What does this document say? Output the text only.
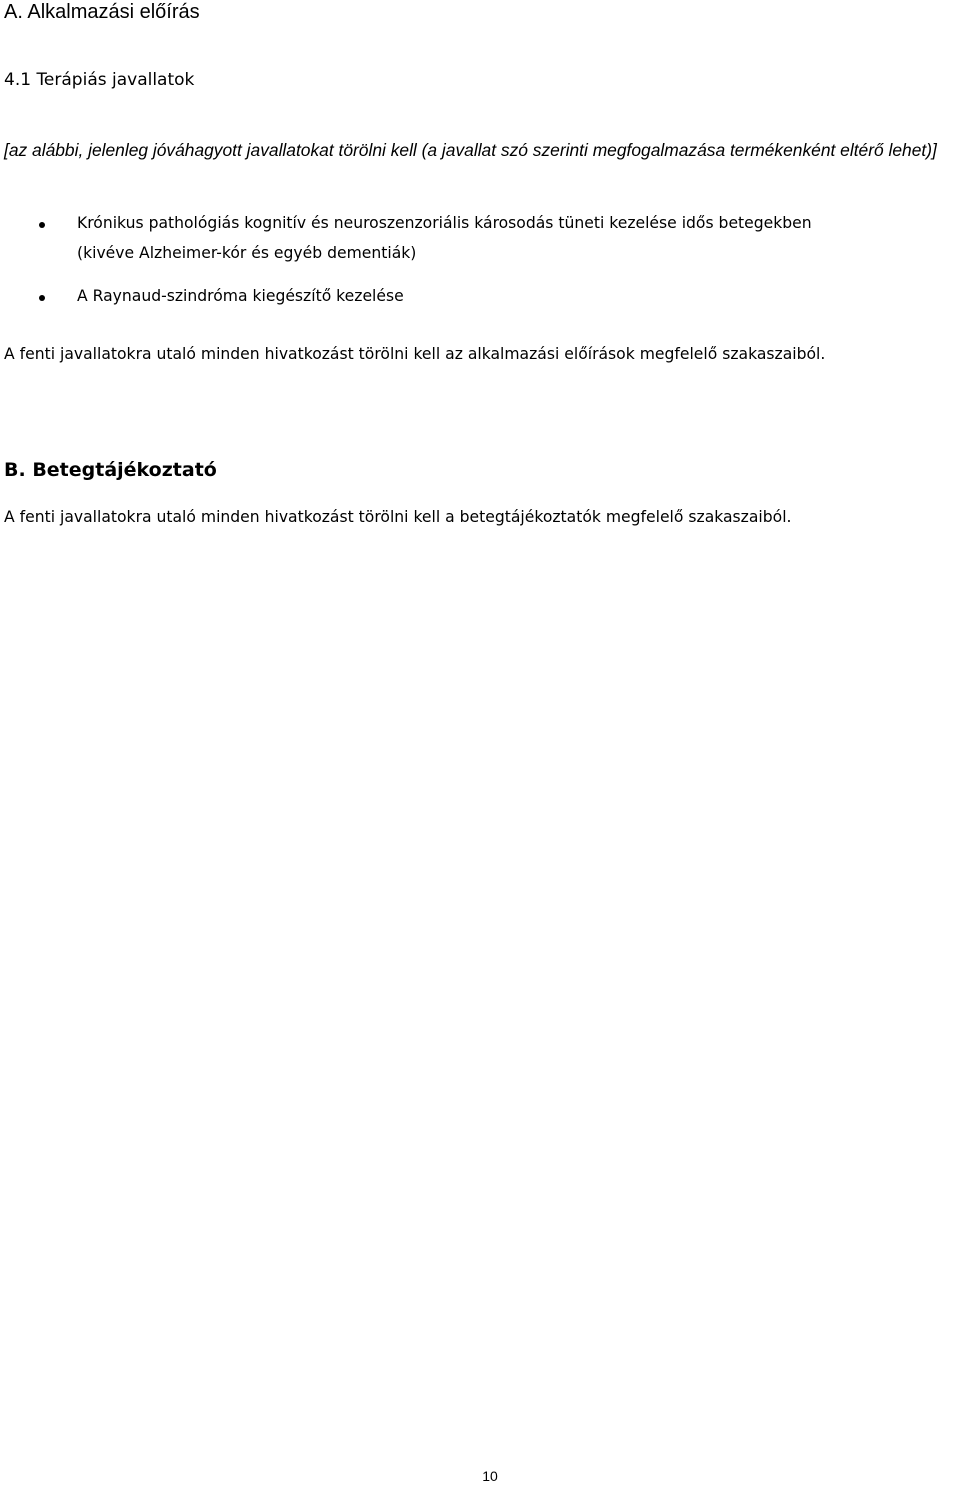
A. Alkalmazási előírás
4.1 Terápiás javallatok

[az alábbi, jelenleg jóváhagyott javallatokat törölni kell (a javallat szó szerinti megfogalmazása termékenként eltérő lehet)]

Krónikus pathológiás kognitív és neuroszenzoriális károsodás tüneti kezelése idős betegekben
(kivéve Alzheimer-kór és egyéb dementiák)
A Raynaud-szindróma kiegészítő kezelése

A fenti javallatokra utaló minden hivatkozást törölni kell az alkalmazási előírások megfelelő szakaszaiból.

B. Betegtájékoztató

A fenti javallatokra utaló minden hivatkozást törölni kell a betegtájékoztatók megfelelő szakaszaiból.

10
